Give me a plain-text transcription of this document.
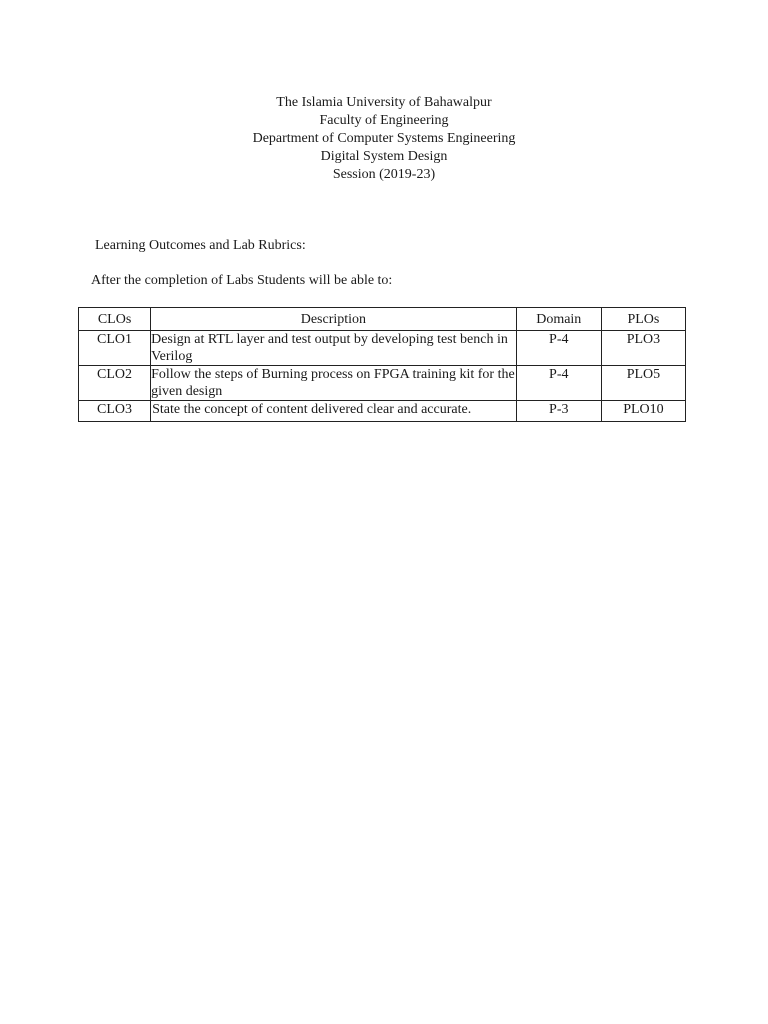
The Islamia University of Bahawalpur
Faculty of Engineering
Department of Computer Systems Engineering
Digital System Design
Session (2019-23)
Learning Outcomes and Lab Rubrics:
After the completion of Labs Students will be able to:
CLOs	Description	Domain	PLOs
CLO1	Design at RTL layer and test output by developing test bench in Verilog	P-4	PLO3
CLO2	Follow the steps of Burning process on FPGA training kit for the given design	P-4	PLO5
CLO3	State the concept of content delivered clear and accurate.	P-3	PLO10
